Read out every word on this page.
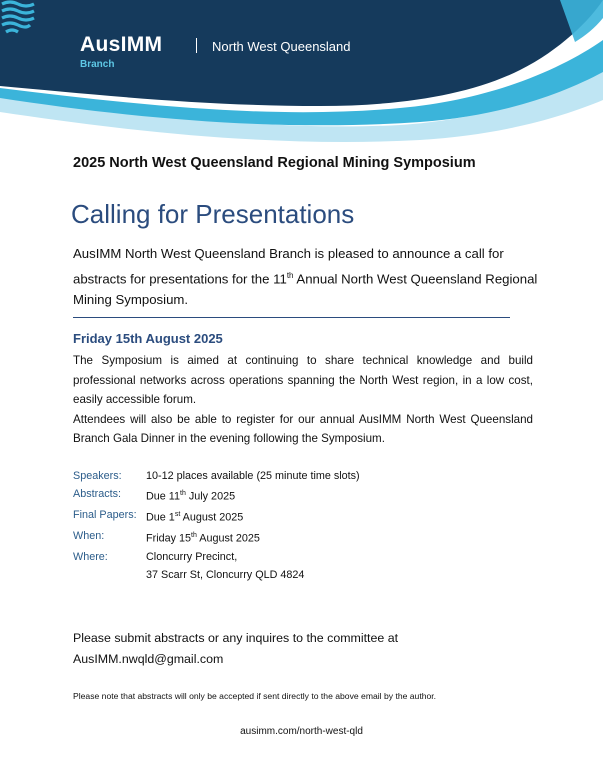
AusIMM
Branch
North West Queensland
2025 North West Queensland Regional Mining Symposium
Calling for Presentations
AusIMM North West Queensland Branch is pleased to announce a call for abstracts for presentations for the 11th Annual North West Queensland Regional Mining Symposium.
Friday 15th August 2025

The Symposium is aimed at continuing to share technical knowledge and build professional networks across operations spanning the North West region, in a low cost, easily accessible forum.

Attendees will also be able to register for our annual AusIMM North West Queensland Branch Gala Dinner in the evening following the Symposium.

Speakers:	10-12 places available (25 minute time slots)
Abstracts:	Due 11th July 2025
Final Papers: Due 1st August 2025
When:	Friday 15th August 2025
Where:	Cloncurry Precinct,
37 Scarr St, Cloncurry QLD 4824
Please submit abstracts or any inquires to the committee at
AusIMM.nwqld@gmail.com
Please note that abstracts will only be accepted if sent directly to the above email by the author.
ausimm.com/north-west-qld
